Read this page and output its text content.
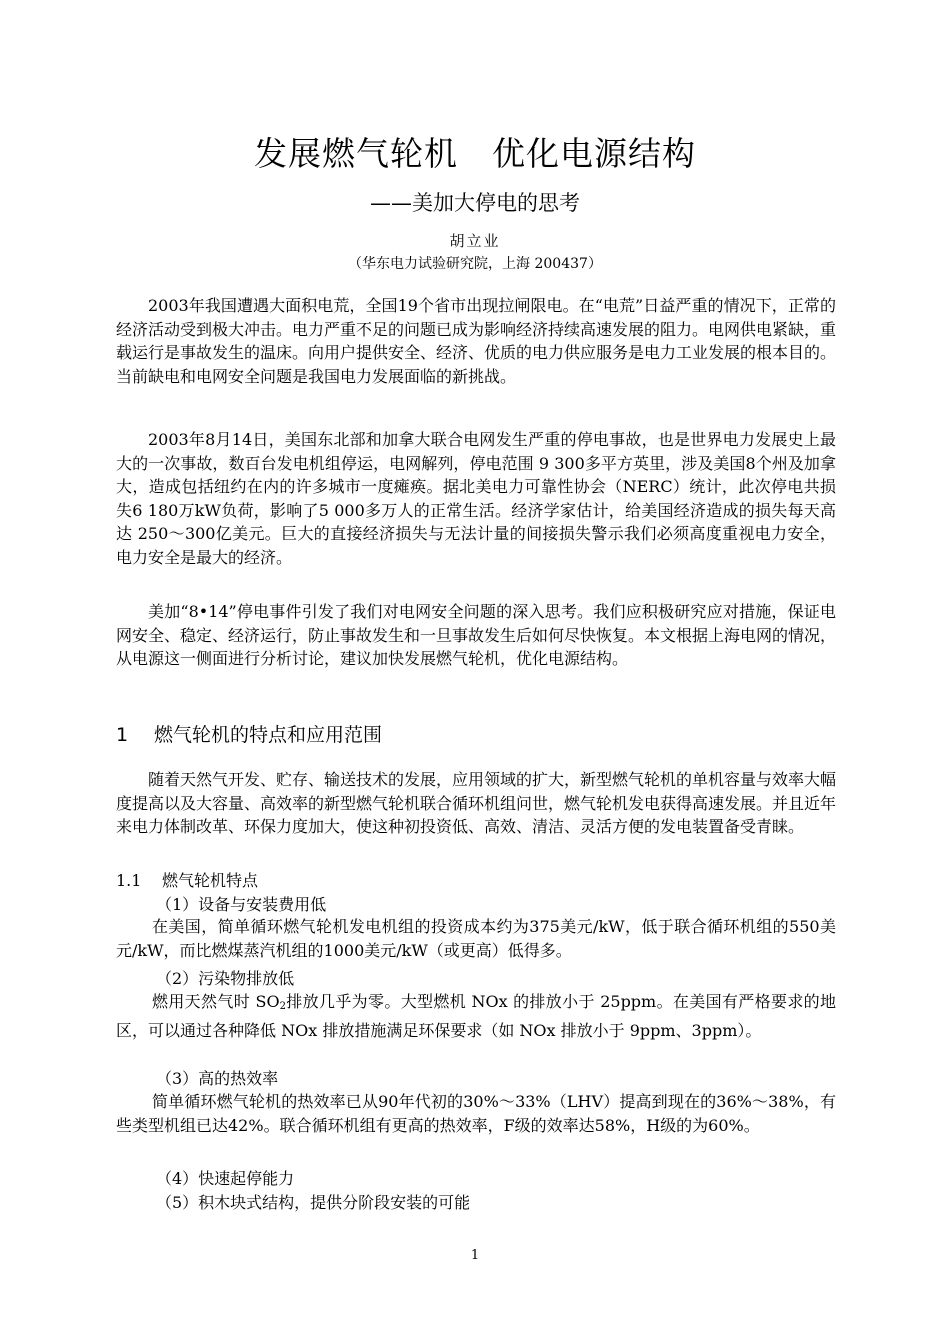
发展燃气轮机　优化电源结构
——美加大停电的思考
胡立业
（华东电力试验研究院，上海 200437）

2003年我国遭遇大面积电荒，全国19个省市出现拉闸限电。在“电荒”日益严重的情况下，正常的经济活动受到极大冲击。电力严重不足的问题已成为影响经济持续高速发展的阻力。电网供电紧缺，重载运行是事故发生的温床。向用户提供安全、经济、优质的电力供应服务是电力工业发展的根本目的。当前缺电和电网安全问题是我国电力发展面临的新挑战。

2003年8月14日，美国东北部和加拿大联合电网发生严重的停电事故，也是世界电力发展史上最大的一次事故，数百台发电机组停运，电网解列，停电范围 9 300多平方英里，涉及美国8个州及加拿大，造成包括纽约在内的许多城市一度瘫痪。据北美电力可靠性协会（NERC）统计，此次停电共损失6 180万kW负荷，影响了5 000多万人的正常生活。经济学家估计，给美国经济造成的损失每天高达 250～300亿美元。巨大的直接经济损失与无法计量的间接损失警示我们必须高度重视电力安全，电力安全是最大的经济。

美加“8•14”停电事件引发了我们对电网安全问题的深入思考。我们应积极研究应对措施，保证电网安全、稳定、经济运行，防止事故发生和一旦事故发生后如何尽快恢复。本文根据上海电网的情况，从电源这一侧面进行分析讨论，建议加快发展燃气轮机，优化电源结构。

1 燃气轮机的特点和应用范围

随着天然气开发、贮存、输送技术的发展，应用领域的扩大，新型燃气轮机的单机容量与效率大幅度提高以及大容量、高效率的新型燃气轮机联合循环机组问世，燃气轮机发电获得高速发展。并且近年来电力体制改革、环保力度加大，使这种初投资低、高效、清洁、灵活方便的发电装置备受青睐。

1.1 燃气轮机特点
（1）设备与安装费用低

在美国，简单循环燃气轮机发电机组的投资成本约为375美元/kW，低于联合循环机组的550美元/kW，而比燃煤蒸汽机组的1000美元/kW（或更高）低得多。

（2）污染物排放低

燃用天然气时 $SO_2$排放几乎为零。大型燃机 NOx 的排放小于 25ppm。在美国有严格要求的地区，可以通过各种降低 NOx 排放措施满足环保要求（如 NOx 排放小于 9ppm、3ppm）。

（3）高的热效率

简单循环燃气轮机的热效率已从90年代初的30%～33%（LHV）提高到现在的36%～38%，有些类型机组已达42%。联合循环机组有更高的热效率，F级的效率达58%，H级的为60%。

（4）快速起停能力
（5）积木块式结构，提供分阶段安装的可能
1
